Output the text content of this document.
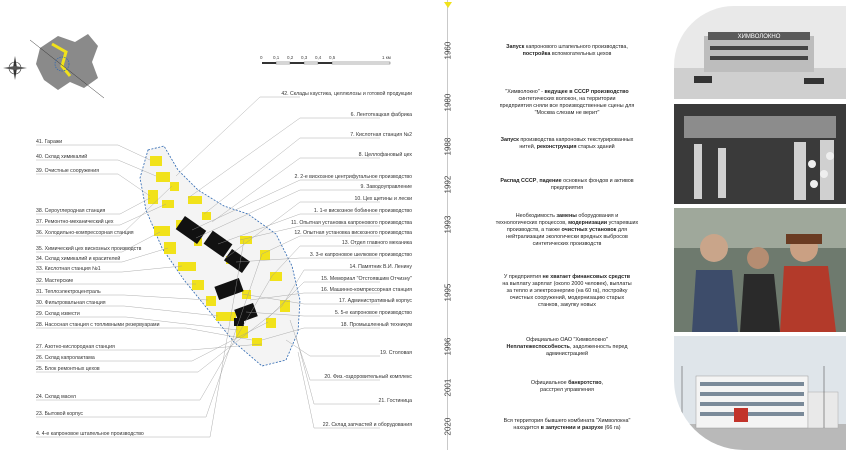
0 0,1 0,2 0,3 0,4 0,5	1 км
41. Гаражи
40. Склад химикалий
39. Очистные сооружения
38. Сероуглеродная станция
37. Ремонтно-механический цех
36. Холодильно-компрессорная станция
35. Химический цех вискозных производств
34. Склад химикалий и красителей
33. Кислотная станция №1
32. Мастерские
31. Теплоэлектроцентраль
30. Фильтровальная станция
29. Склад извести
28. Насосная станция с топливными резервуарами
27. Азотно-кислородная станция
26. Склад капролактама
25. Блок ремонтных цехов
24. Склад масел
23. Бытовой корпус
4. 4-е капроновое штапельное производство
42. Склады каустика, целлюлозы и готовой продукции
6. Лентоткацкая фабрика
7. Кислотная станция №2
8. Целлофановый цех
2. 2-е вискозное центрифугальное производство
9. Заводоуправление
10. Цех щетины и лески
1. 1-е вискозное бобинное производство
11. Опытная установка капронового производства
12. Опытная установка вискозного производства
13. Отдел главного механика
3. 3-е капроновое шелковое производство
14. Памятник В.И. Ленину
15. Мемориал "Отстоявшим Отчизну"
16. Машинно-компрессорная станция
17. Административный корпус
5. 5-е капроновое производство
18. Промышленный техникум
19. Столовая
20. Физ.-оздоровительный комплекс
21. Гостиница
22. Склад запчастей и оборудования
1960	Запуск капронового штапельного производства,
постройка вспомогательных цехов
1980
"Химволокно" - ведущее в СССР производство
синтетических волокон, на территории
предприятия сняли все производственные сцены для
"Москва слезам не верит"
1988	Запуск производства капроновых текстурированных
нитей, реконструкция старых зданий
1992	Распад СССР, падение основных фондов и активов
предприятия
1993	Необходимость замены оборудования и
технологических процессов, модернизации устаревших
производств, а также очистных установок для
нейтрализации экологически вредных выбросов
синтетических производств
1995
У предприятия не хватает финансовых средств
на выплату зарплат (около 2000 человек), выплаты
за тепло и электроэнергию (на 60 га), постройку
очистных сооружений, модернизацию старых
станков, закупку новых
1996	Официально ОАО "Химволокно"
Неплатежеспособность, задолженность перед
администрацией
2001	Официальное банкротство,
расстрел управления
2020	Вся территория бывшего комбината "Химволокна"
находится в запустении и разрухе (66 га)
ХИМВОЛОКНО
